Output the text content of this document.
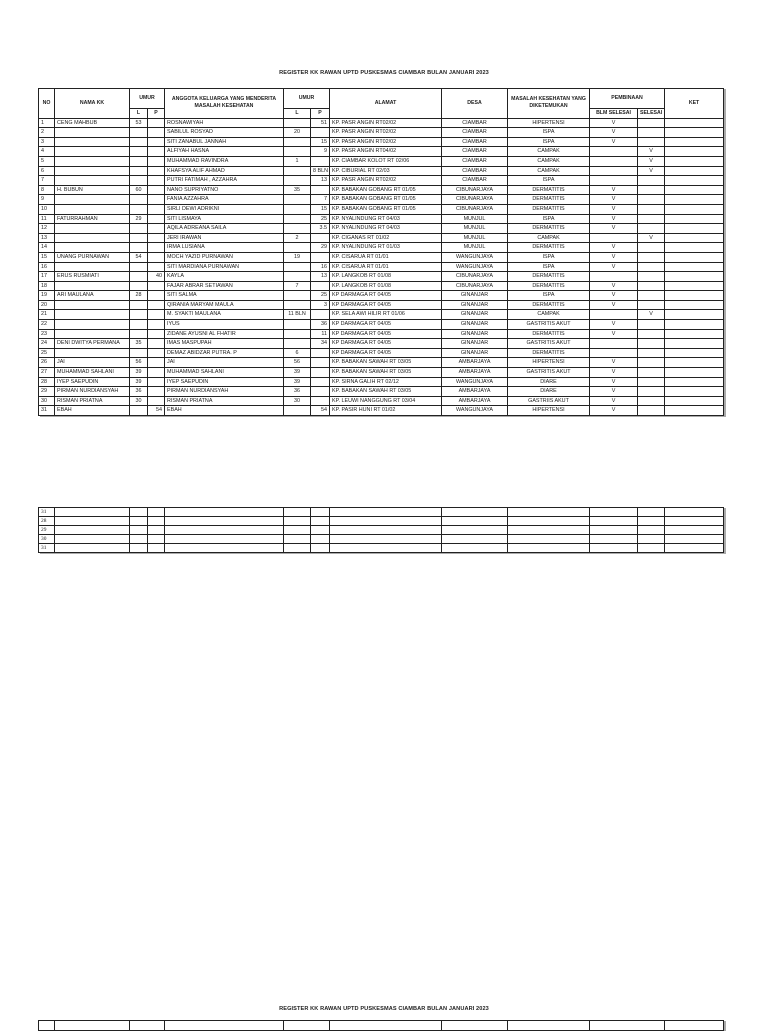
REGISTER KK RAWAN UPTD PUSKESMAS CIAMBAR BULAN JANUARI 2023
NO	NAMA KK	UMUR		ANGGOTA KELUARGA YANG MENDERITA MASALAH KESEHATAN	UMUR		ALAMAT	DESA	MASALAH KESEHATAN YANG DIKETEMUKAN	PEMBINAAN		KET
		L	P		L	P				BLM SELESAI	SELESAI	
1	CENG MAHBUB	53		ROSNAWIYAH		51	KP. PASR ANGIN RT02/02	CIAMBAR	HIPERTENSI	V		
2				SABILUL ROSYAD	20		KP. PASR ANGIN RT02/02	CIAMBAR	ISPA	V		
3				SITI ZANABUL JANNAH		15	KP. PASR ANGIN RT02/02	CIAMBAR	ISPA	V		
4				ALFIYAH HASNA		9	KP. PASR ANGIN RT04/02	CIAMBAR	CAMPAK		V	
5				MUHAMMAD RAVINDRA	1		KP. CIAMBAR KOLOT RT 02/06	CIAMBAR	CAMPAK		V	
6				KHAFSYA ALIF AHMAD		8 BLN	KP. CIBURIAL RT 02/03	CIAMBAR	CAMPAK		V	
7				PUTRI FATIMAH , AZZAHRA		13	KP. PASR ANGIN RT02/02	CIAMBAR	ISPA			
8	H. BUBUN	60		NANO SUPRIYATNO	35		KP. BABAKAN GOBANG RT 01/05	CIBUNARJAYA	DERMATITIS	V		
9				FANIA AZZAHRA		7	KP. BABAKAN GOBANG RT 01/05	CIBUNARJAYA	DERMATITIS	V		
10				SIRLI DEWI ADRIKNI		15	KP. BABAKAN GOBANG RT 01/05	CIBUNARJAYA	DERMATITIS	V		
11	FATURRAHMAN	29		SITI LISMAYA		25	KP. NYALINDUNG RT 04/03	MUNJUL	ISPA	V		
12				AQILA ADREANA SAILA		3.5	KP. NYALINDUNG RT 04/03	MUNJUL	DERMATITIS	V		
13				JERI IRAWAN	2		KP. CIGANAS RT 01/02	MUNJUL	CAMPAK		V	
14				IRMA LUSIANA		29	KP. NYALINDUNG RT 01/03	MUNJUL	DERMATITIS	V		
15	UNANG PURNAWAN	54		MOCH YAZID PURNAWAN	19		KP. CISARUA RT 01/01	WANGUNJAYA	ISPA	V		
16				SITI MARDIANA PURNAWAN		16	KP. CISARUA RT 01/01	WANGUNJAYA	ISPA	V		
17	ERUS RUSMIATI		40	KAYLA		13	KP. LANGKOB RT 01/08	CIBUNARJAYA	DERMATITIS			
18				FAJAR ABRAR SETIAWAN	7		KP. LANGKOB RT 01/08	CIBUNARJAYA	DERMATITIS	V		
19	ARI MAULANA	28		SITI SALMA		25	KP DARMAGA RT 04/05	GINANJAR	ISPA	V		
20				QIRANIA MARYAM MAULA		3	KP DARMAGA RT 04/05	GINANJAR	DERMATITIS	V		
21				M. SYAKTI MAULANA	11 BLN		KP. SELA AWI HILIR RT 01/06	GINANJAR	CAMPAK		V	
22				IYUS		36	KP DARMAGA RT 04/05	GINANJAR	GASTRITIS AKUT	V		
23				ZIDANE AYUSNI AL FHATIR		11	KP DARMAGA RT 04/05	GINANJAR	DERMATITIS	V		
24	DENI DWITYA PERMANA	35		IMAS MASPUPAH		34	KP DARMAGA RT 04/05	GINANJAR	GASTRITIS AKUT			
25				DEMAZ ABIDZAR PUTRA. P	6		KP DARMAGA RT 04/05	GINANJAR	DERMATITIS			
26	JAI	56		JAI	56		KP. BABAKAN SAWAH RT 03/05	AMBARJAYA	HIPERTENSI	V		
27	MUHAMMAD SAHLANI	39		MUHAMMAD SAHLANI	39		KP. BABAKAN SAWAH RT 03/05	AMBARJAYA	GASTRITIS AKUT	V		
28	IYEP SAEPUDIN	39		IYEP SAEPUDIN	39		KP. SIRNA GALIH RT 02/12	WANGUNJAYA	DIARE	V		
29	PIRMAN NURDIANSYAH	36		PIRMAN NURDIANSYAH	36		KP. BABAKAN SAWAH RT 03/05	AMBARJAYA	DIARE	V		
30	RISMAN PRIATNA	30		RISMAN PRIATNA	30		KP. LEUWI NANGGUNG RT 03/04	AMBARJAYA	GASTRIIS AKUT	V		
31	EBAH		54	EBAH		54	KP. PASIR HUNI RT 01/02	WANGUNJAYA	HIPERTENSI	V		
31												
28												
29												
30												
31												
REGISTER KK RAWAN UPTD PUSKESMAS CIAMBAR BULAN JANUARI 2023
